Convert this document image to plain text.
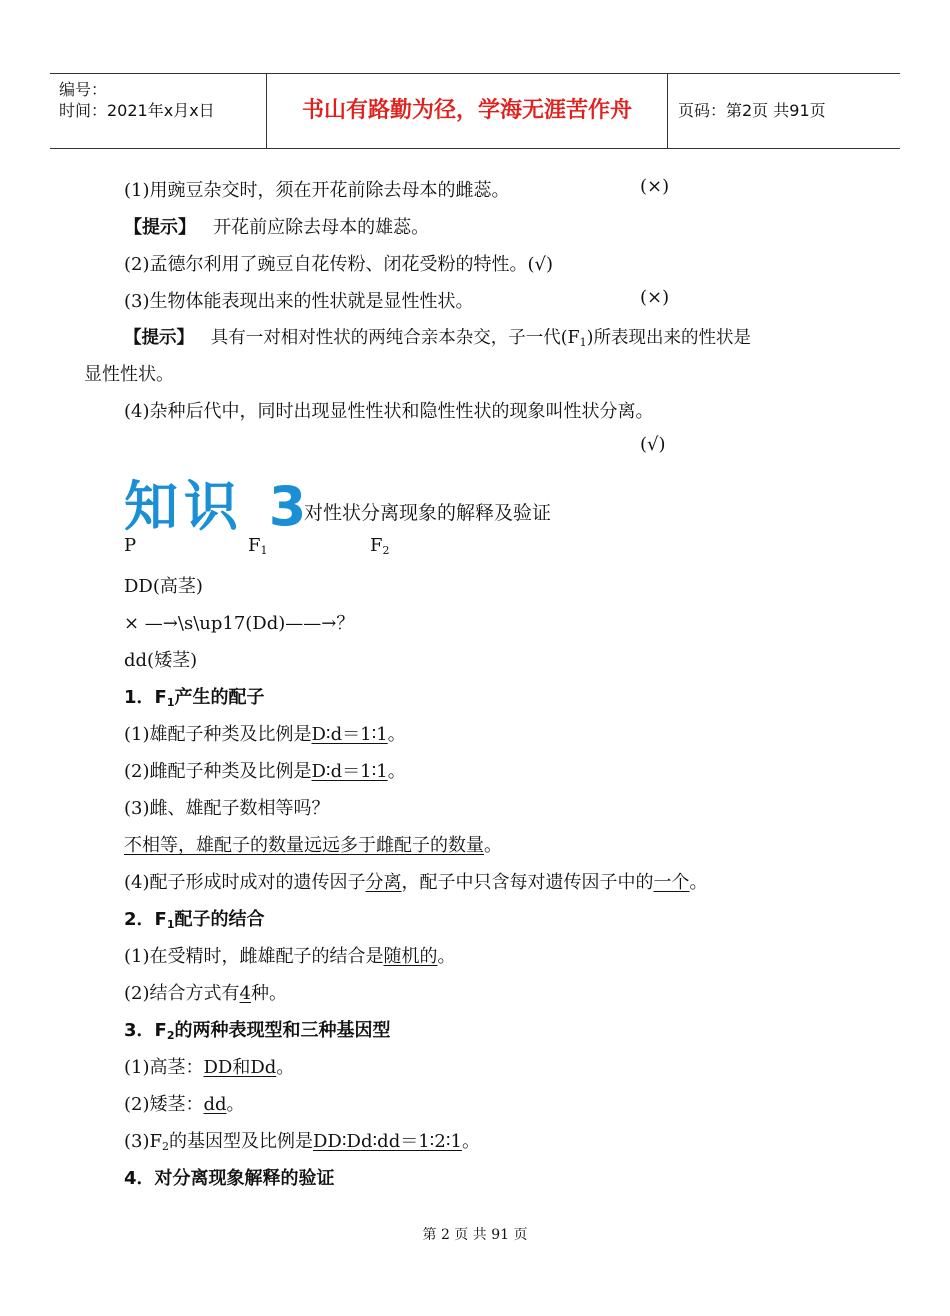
编号：
时间：2021年x月x日	书山有路勤为径，学海无涯苦作舟	页码：第2页 共91页
(1)用豌豆杂交时，须在开花前除去母本的雌蕊。	(×)
【提示】 开花前应除去母本的雄蕊。
(2)孟德尔利用了豌豆自花传粉、闭花受粉的特性。(√)
(3)生物体能表现出来的性状就是显性性状。	(×)
【提示】 具有一对相对性状的两纯合亲本杂交，子一代$(F_1)$所表现出来的性状是
显性性状。
(4)杂种后代中，同时出现显性性状和隐性性状的现象叫性状分离。
(√)
知识 3
对性状分离现象的解释及验证
P	$F_1$	$F_2$
DD(高茎)
× —→\s\up17(Dd)——→？
dd(矮茎)
1．$F_1$产生的配子
(1)雄配子种类及比例是D∶d＝1∶1。
(2)雌配子种类及比例是D∶d＝1∶1。
(3)雌、雄配子数相等吗？
不相等，雄配子的数量远远多于雌配子的数量。
(4)配子形成时成对的遗传因子分离，配子中只含每对遗传因子中的一个。
2．$F_1$配子的结合
(1)在受精时，雌雄配子的结合是随机的。
(2)结合方式有4种。
3．$F_2$的两种表现型和三种基因型
(1)高茎：DD和Dd。
(2)矮茎：dd。
$(3)F_2$的基因型及比例是DD∶Dd∶dd＝1∶2∶1。
4．对分离现象解释的验证
第 2 页 共 91 页
